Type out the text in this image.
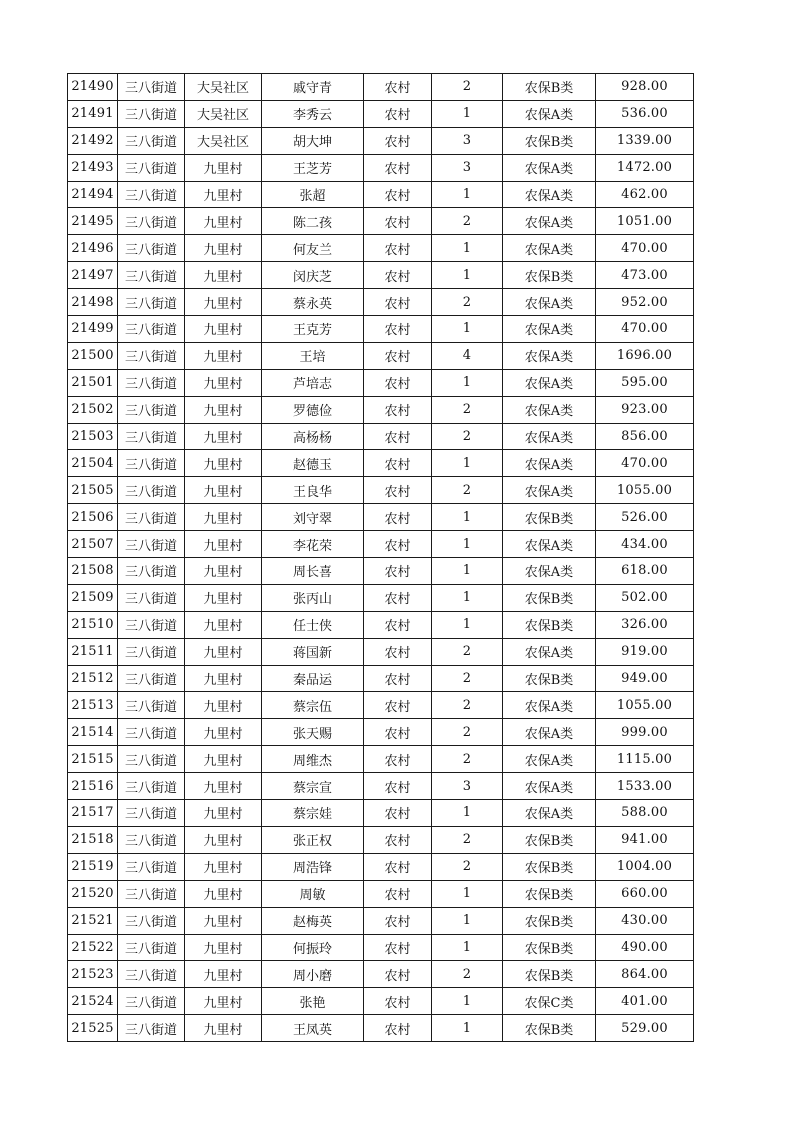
21490	三八街道	大吴社区	戚守青	农村	2	农保B类	928.00
21491	三八街道	大吴社区	李秀云	农村	1	农保A类	536.00
21492	三八街道	大吴社区	胡大坤	农村	3	农保B类	1339.00
21493	三八街道	九里村	王芝芳	农村	3	农保A类	1472.00
21494	三八街道	九里村	张超	农村	1	农保A类	462.00
21495	三八街道	九里村	陈二孩	农村	2	农保A类	1051.00
21496	三八街道	九里村	何友兰	农村	1	农保A类	470.00
21497	三八街道	九里村	闵庆芝	农村	1	农保B类	473.00
21498	三八街道	九里村	蔡永英	农村	2	农保A类	952.00
21499	三八街道	九里村	王克芳	农村	1	农保A类	470.00
21500	三八街道	九里村	王培	农村	4	农保A类	1696.00
21501	三八街道	九里村	芦培志	农村	1	农保A类	595.00
21502	三八街道	九里村	罗德俭	农村	2	农保A类	923.00
21503	三八街道	九里村	高杨杨	农村	2	农保A类	856.00
21504	三八街道	九里村	赵德玉	农村	1	农保A类	470.00
21505	三八街道	九里村	王良华	农村	2	农保A类	1055.00
21506	三八街道	九里村	刘守翠	农村	1	农保B类	526.00
21507	三八街道	九里村	李花荣	农村	1	农保A类	434.00
21508	三八街道	九里村	周长喜	农村	1	农保A类	618.00
21509	三八街道	九里村	张丙山	农村	1	农保B类	502.00
21510	三八街道	九里村	任士侠	农村	1	农保B类	326.00
21511	三八街道	九里村	蒋国新	农村	2	农保A类	919.00
21512	三八街道	九里村	秦品运	农村	2	农保B类	949.00
21513	三八街道	九里村	蔡宗伍	农村	2	农保A类	1055.00
21514	三八街道	九里村	张天赐	农村	2	农保A类	999.00
21515	三八街道	九里村	周维杰	农村	2	农保A类	1115.00
21516	三八街道	九里村	蔡宗宣	农村	3	农保A类	1533.00
21517	三八街道	九里村	蔡宗娃	农村	1	农保A类	588.00
21518	三八街道	九里村	张正权	农村	2	农保B类	941.00
21519	三八街道	九里村	周浩锋	农村	2	农保B类	1004.00
21520	三八街道	九里村	周敏	农村	1	农保B类	660.00
21521	三八街道	九里村	赵梅英	农村	1	农保B类	430.00
21522	三八街道	九里村	何振玲	农村	1	农保B类	490.00
21523	三八街道	九里村	周小磨	农村	2	农保B类	864.00
21524	三八街道	九里村	张艳	农村	1	农保C类	401.00
21525	三八街道	九里村	王凤英	农村	1	农保B类	529.00
